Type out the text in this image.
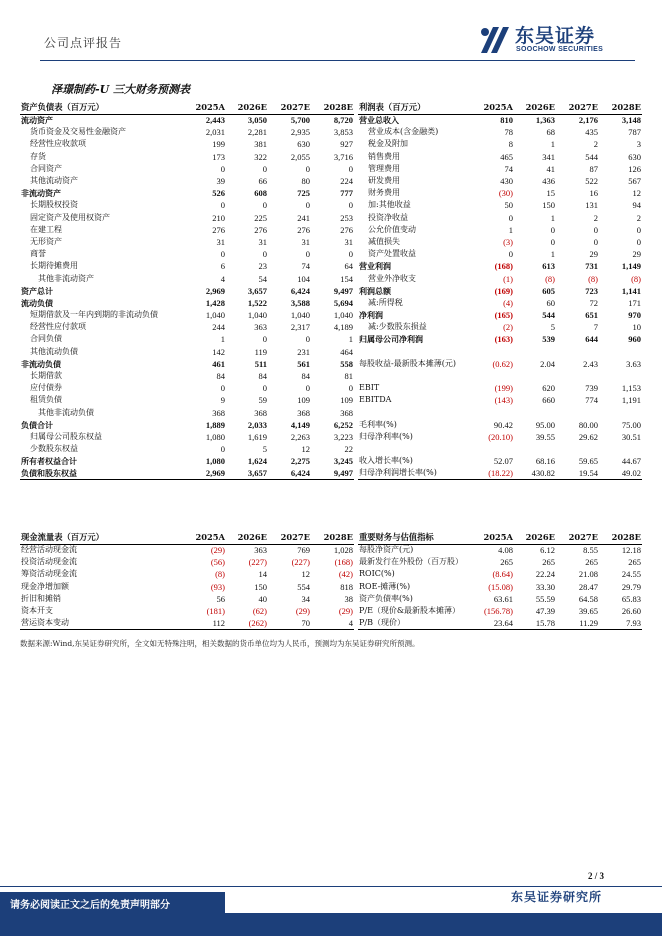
公司点评报告	东吴证券
SOOCHOW SECURITIES
泽璟制药-U 三大财务预测表
资产负债表（百万元）	2025A	2026E	2027E	2028E
流动资产	2,443	3,050	5,700	8,720
货币资金及交易性金融资产	2,031	2,281	2,935	3,853
经营性应收款项	199	381	630	927
存货	173	322	2,055	3,716
合同资产	0	0	0	0
其他流动资产	39	66	80	224
非流动资产	526	608	725	777
长期股权投资	0	0	0	0
固定资产及使用权资产	210	225	241	253
在建工程	276	276	276	276
无形资产	31	31	31	31
商誉	0	0	0	0
长期待摊费用	6	23	74	64
其他非流动资产	4	54	104	154
资产总计	2,969	3,657	6,424	9,497
流动负债	1,428	1,522	3,588	5,694
短期借款及一年内到期的非流动负债	1,040	1,040	1,040	1,040
经营性应付款项	244	363	2,317	4,189
合同负债	1	0	0	1
其他流动负债	142	119	231	464
非流动负债	461	511	561	558
长期借款	84	84	84	81
应付债券	0	0	0	0
租赁负债	9	59	109	109
其他非流动负债	368	368	368	368
负债合计	1,889	2,033	4,149	6,252
归属母公司股东权益	1,080	1,619	2,263	3,223
少数股东权益	0	5	12	22
所有者权益合计	1,080	1,624	2,275	3,245
负债和股东权益	2,969	3,657	6,424	9,497
利润表（百万元）	2025A	2026E	2027E	2028E
营业总收入	810	1,363	2,176	3,148
营业成本(含金融类)	78	68	435	787
税金及附加	8	1	2	3
销售费用	465	341	544	630
管理费用	74	41	87	126
研发费用	430	436	522	567
财务费用	(30)	15	16	12
加:其他收益	50	150	131	94
投资净收益	0	1	2	2
公允价值变动	1	0	0	0
减值损失	(3)	0	0	0
资产处置收益	0	1	29	29
营业利润	(168)	613	731	1,149
营业外净收支	(1)	(8)	(8)	(8)
利润总额	(169)	605	723	1,141
减:所得税	(4)	60	72	171
净利润	(165)	544	651	970
减:少数股东损益	(2)	5	7	10
归属母公司净利润	(163)	539	644	960

每股收益-最新股本摊薄(元)	(0.62)	2.04	2.43	3.63

EBIT	(199)	620	739	1,153
EBITDA	(143)	660	774	1,191

毛利率(%)	90.42	95.00	80.00	75.00
归母净利率(%)	(20.10)	39.55	29.62	30.51

收入增长率(%)	52.07	68.16	59.65	44.67
归母净利润增长率(%)	(18.22)	430.82	19.54	49.02
现金流量表（百万元）	2025A	2026E	2027E	2028E
经营活动现金流	(29)	363	769	1,028
投资活动现金流	(56)	(227)	(227)	(168)
筹资活动现金流	(8)	14	12	(42)
现金净增加额	(93)	150	554	818
折旧和摊销	56	40	34	38
资本开支	(181)	(62)	(29)	(29)
营运资本变动	112	(262)	70	4
重要财务与估值指标	2025A	2026E	2027E	2028E
每股净资产(元)	4.08	6.12	8.55	12.18
最新发行在外股份（百万股）	265	265	265	265
ROIC(%)	(8.64)	22.24	21.08	24.55
ROE-摊薄(%)	(15.08)	33.30	28.47	29.79
资产负债率(%)	63.61	55.59	64.58	65.83
P/E（现价&最新股本摊薄）	(156.78)	47.39	39.65	26.60
P/B（现价）	23.64	15.78	11.29	7.93
数据来源:Wind,东吴证券研究所，全文如无特殊注明，相关数据的货币单位均为人民币，预测均为东吴证券研究所预测。
2 / 3
请务必阅读正文之后的免责声明部分
东吴证券研究所
